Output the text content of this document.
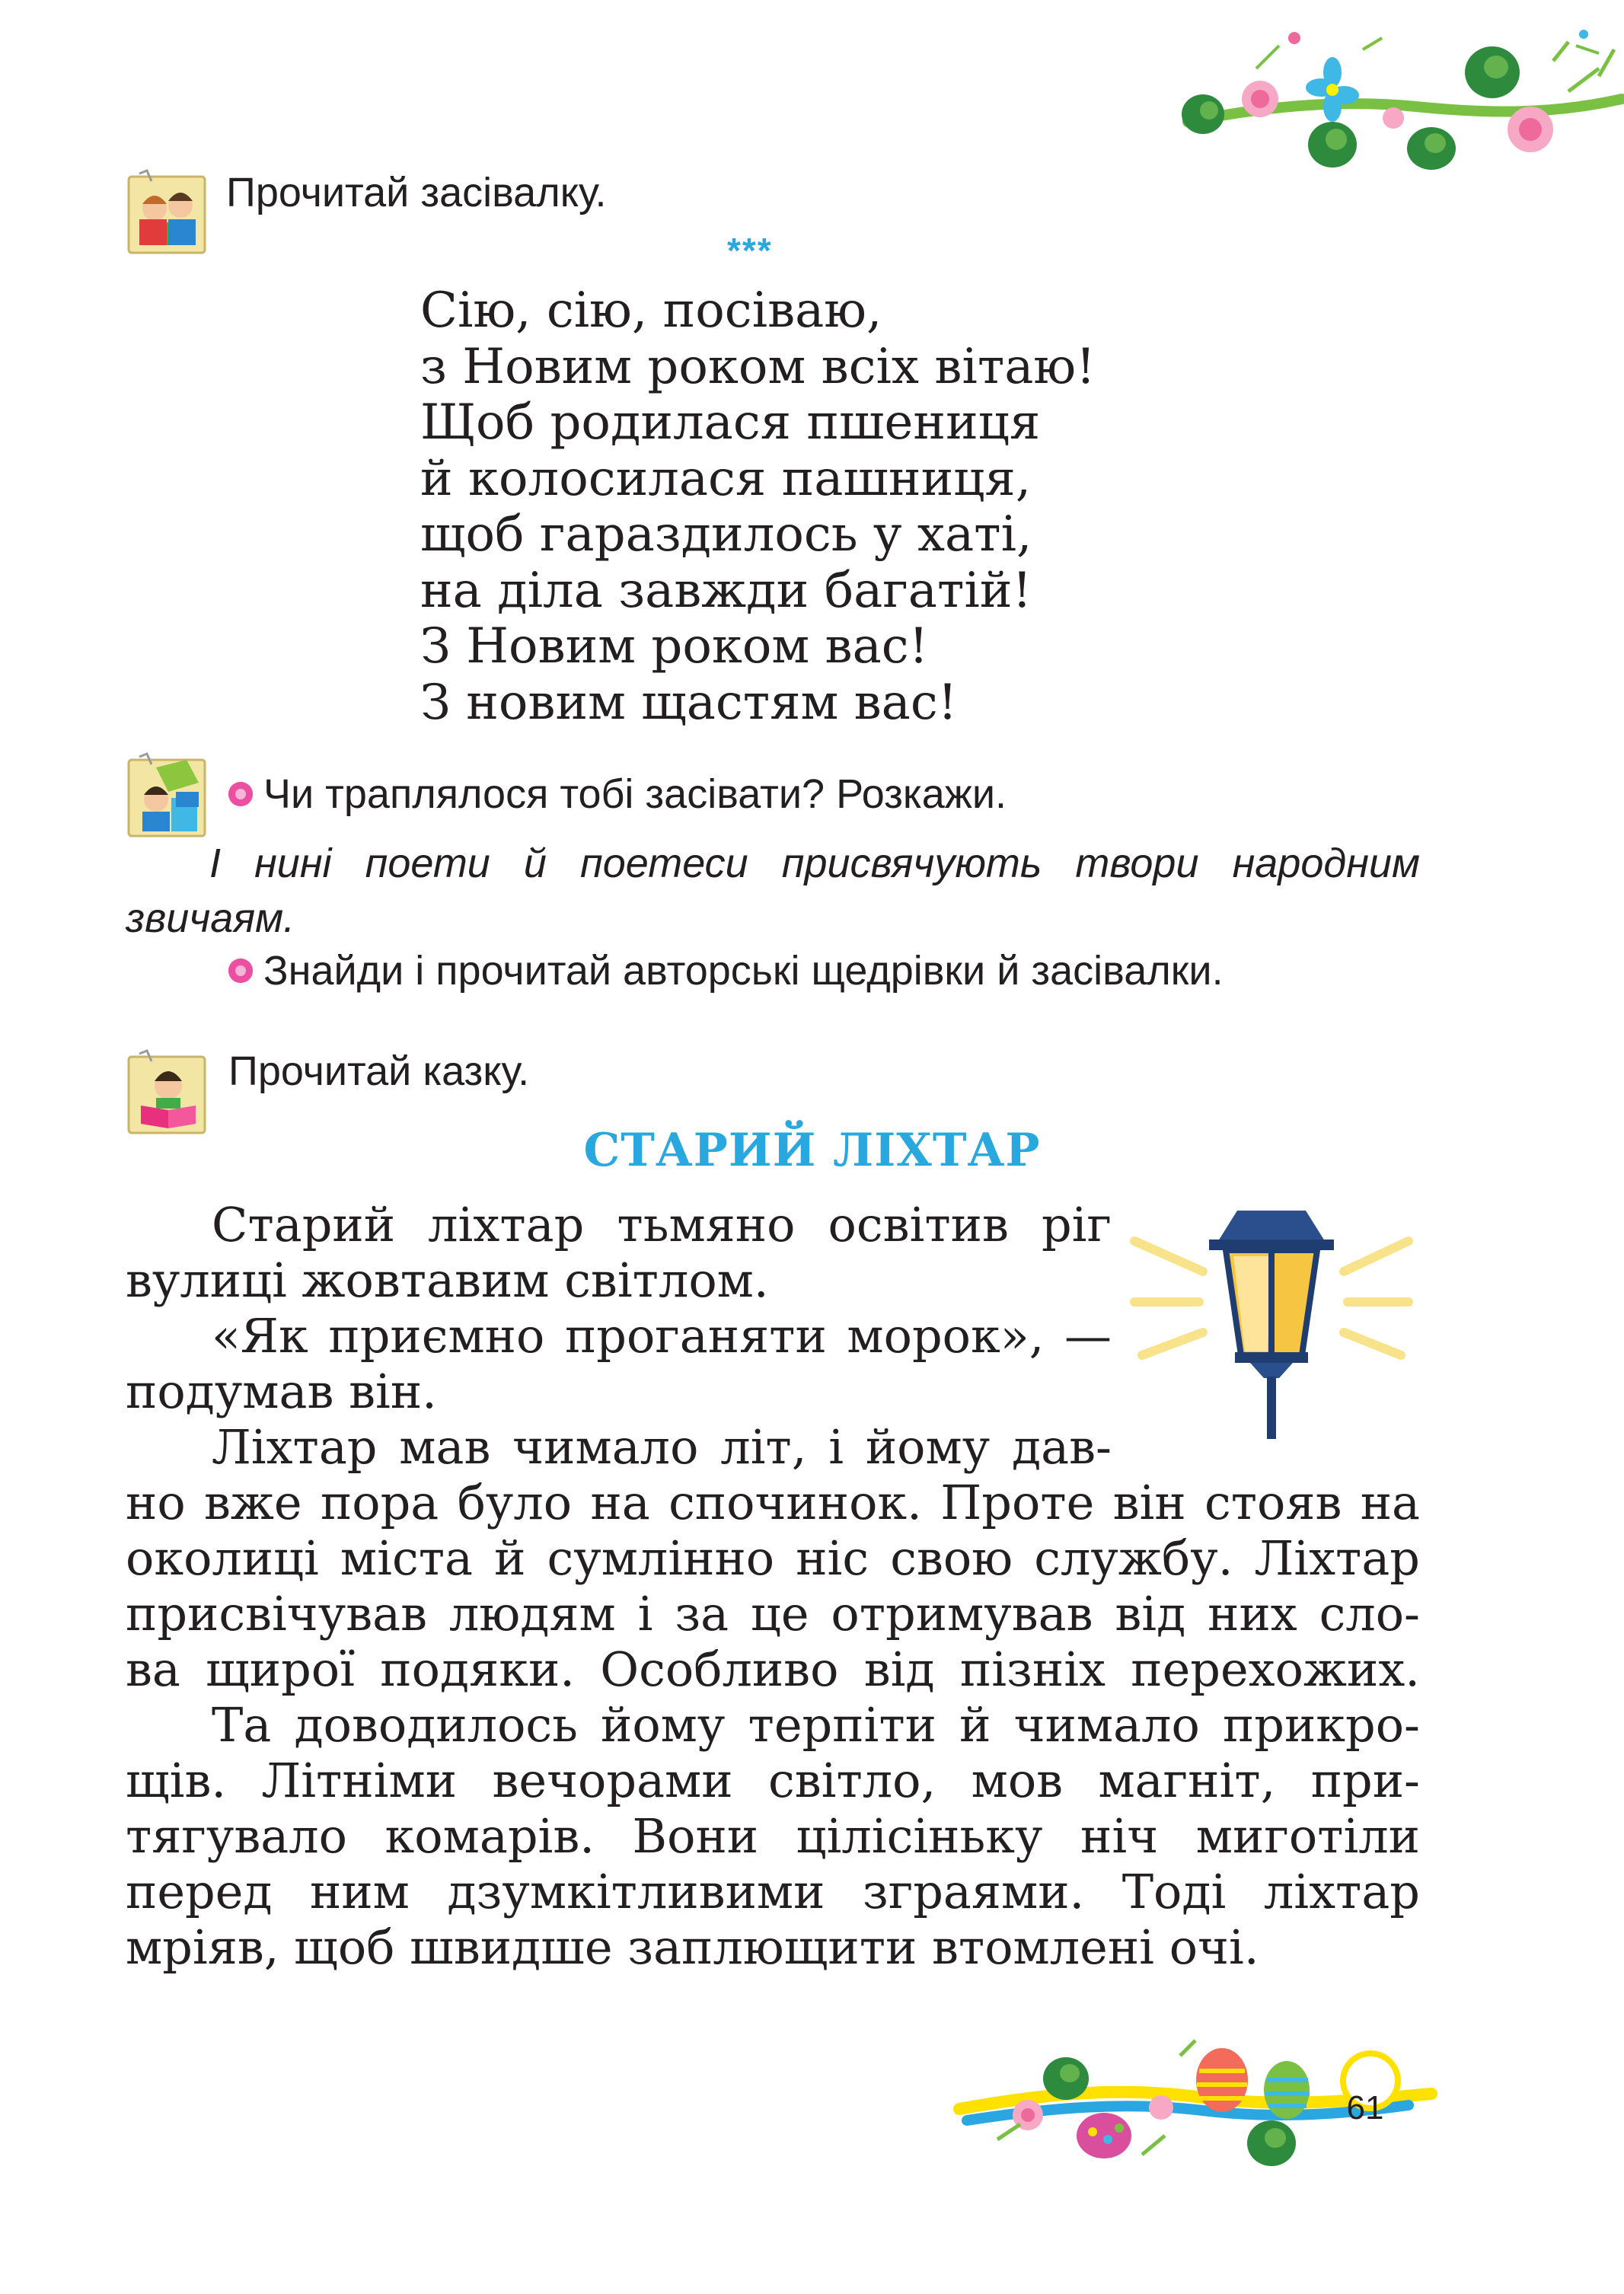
Прочитай засівалку.
***
Сію, сію, посіваю,
з Новим роком всіх вітаю!
Щоб родилася пшениця
й колосилася пашниця,
щоб гараздилось у хаті,
на діла завжди багатій!
З Новим роком вас!
З новим щастям вас!
Чи траплялося тобі засівати? Розкажи.
І нині поети й поетеси присвячують твори народним звичаям.
Знайди і прочитай авторські щедрівки й засівалки.
Прочитай казку.
СТАРИЙ ЛІХТАР
Старий ліхтар тьмяно освітив ріг
вулиці жовтавим світлом.
«Як приємно проганяти морок», —
подумав він.
Ліхтар мав чимало літ, і йому дав-
но вже пора було на спочинок. Проте він стояв на
околиці міста й сумлінно ніс свою службу. Ліхтар
присвічував людям і за це отримував від них сло-
ва щирої подяки. Особливо від пізніх перехожих.
Та доводилось йому терпіти й чимало прикро-
щів. Літніми вечорами світло, мов магніт, при-
тягувало комарів. Вони цілісіньку ніч миготіли
перед ним дзумкітливими зграями. Тоді ліхтар
мріяв, щоб швидше заплющити втомлені очі.
61
